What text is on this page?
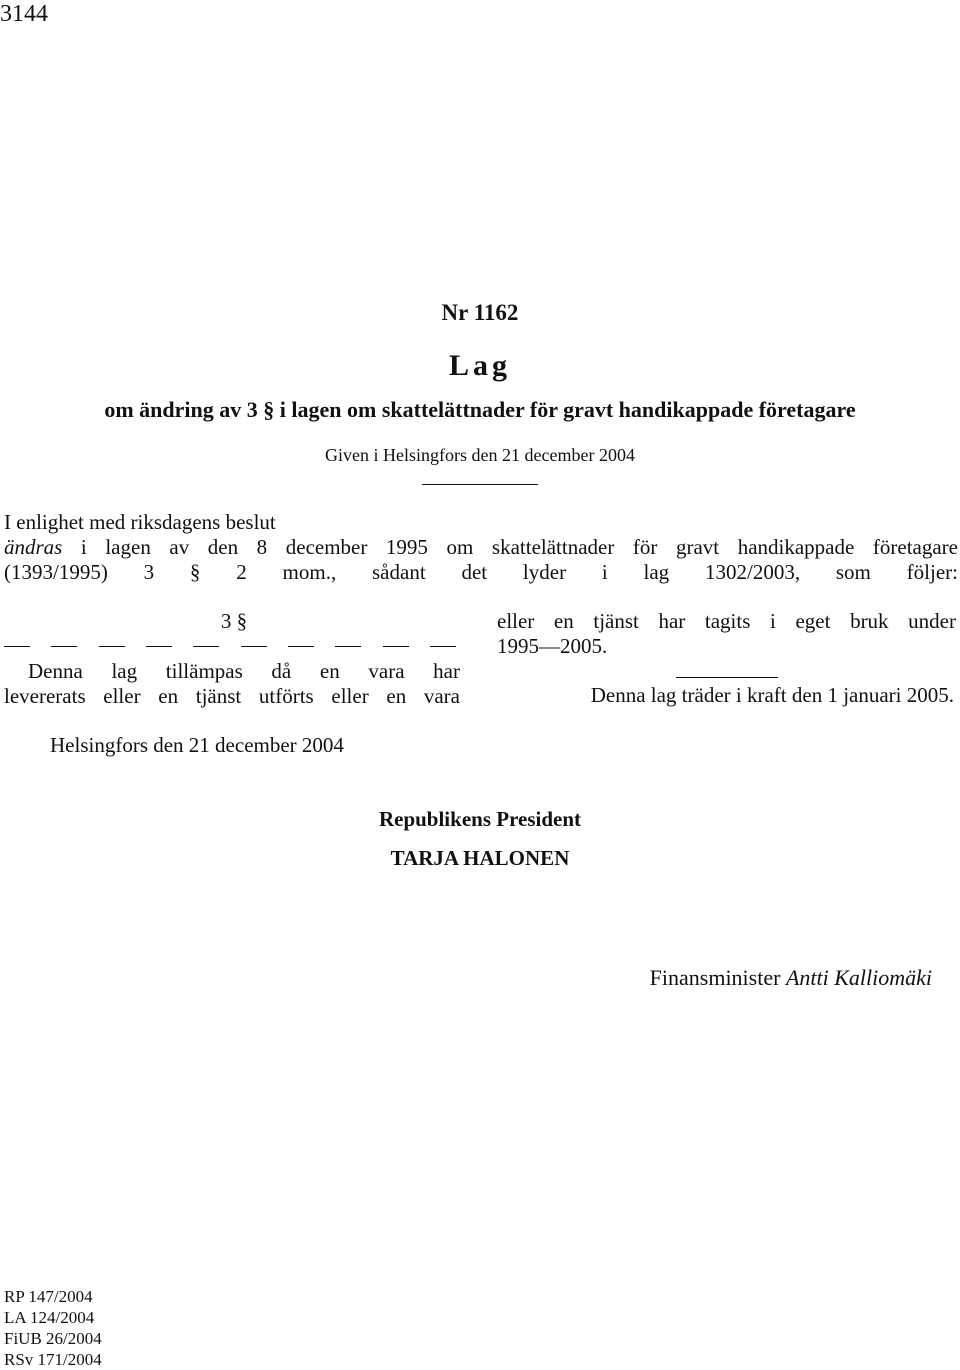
3144
Nr 1162
Lag
om ändring av 3 § i lagen om skattelättnader för gravt handikappade företagare
Given i Helsingfors den 21 december 2004

I enlighet med riksdagens beslut

ändras i lagen av den 8 december 1995 om skattelättnader för gravt handikappade företagare

(1393/1995) 3 § 2 mom., sådant det lyder i lag 1302/2003, som följer:

3 §

Denna lag tillämpas då en vara har

levererats eller en tjänst utförts eller en vara

eller en tjänst har tagits i eget bruk under

1995—2005.

Denna lag träder i kraft den 1 januari 2005.

Helsingfors den 21 december 2004
Republikens President
TARJA HALONEN
Finansminister Antti Kalliomäki
RP 147/2004
LA 124/2004
FiUB 26/2004
RSv 171/2004
